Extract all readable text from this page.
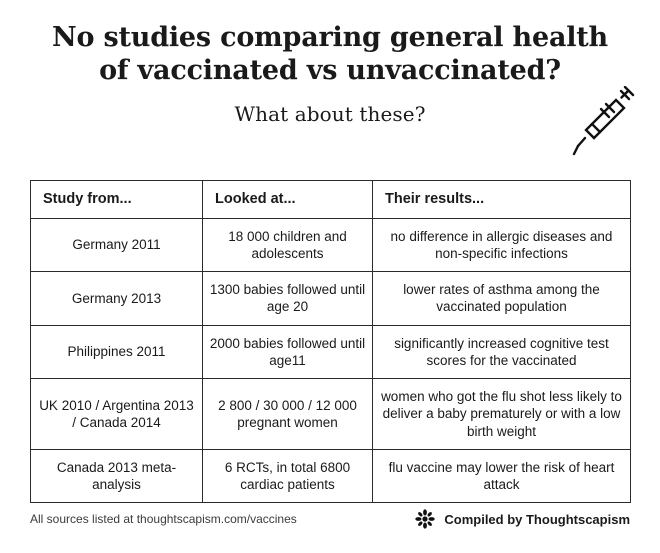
No studies comparing general health
of vaccinated vs unvaccinated?
What about these?
Study from...	Looked at...	Their results...
Germany 2011	18 000 children and adolescents	no difference in allergic diseases and non-specific infections
Germany 2013	1300 babies followed until age 20	lower rates of asthma among the vaccinated population
Philippines 2011	2000 babies followed until age11	significantly increased cognitive test scores for the vaccinated
UK 2010 / Argentina 2013 / Canada 2014	2 800 / 30 000 / 12 000 pregnant women	women who got the flu shot less likely to deliver a baby prematurely or with a low birth weight
Canada 2013 meta-analysis	6 RCTs, in total 6800 cardiac patients	flu vaccine may lower the risk of heart attack
All sources listed at thoughtscapism.com/vaccines	Compiled by Thoughtscapism
